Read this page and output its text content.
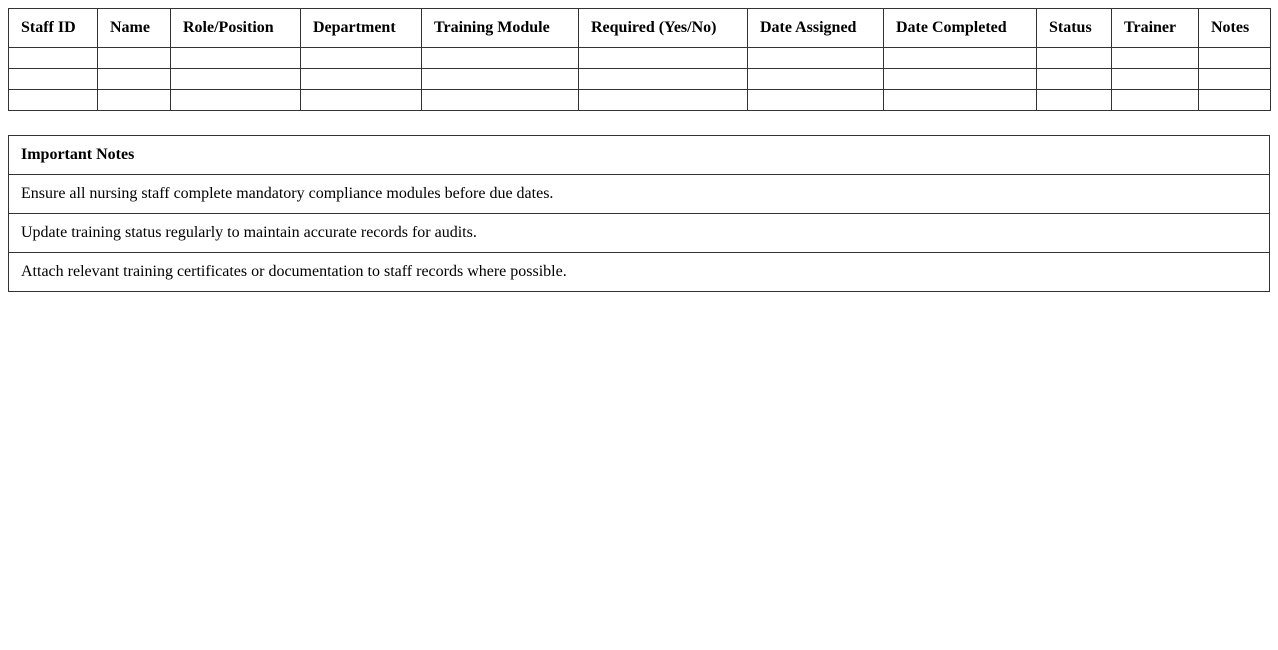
Staff ID	Name	Role/Position	Department	Training Module	Required (Yes/No)	Date Assigned	Date Completed	Status	Trainer	Notes

Important Notes
Ensure all nursing staff complete mandatory compliance modules before due dates.
Update training status regularly to maintain accurate records for audits.
Attach relevant training certificates or documentation to staff records where possible.
